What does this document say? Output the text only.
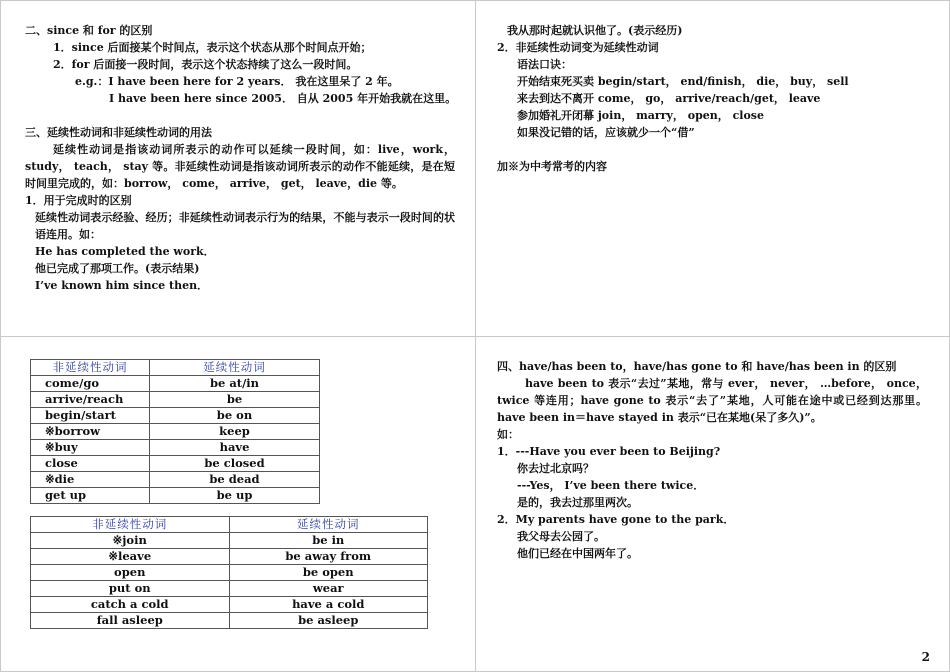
二、since 和 for 的区别
1．since 后面接某个时间点，表示这个状态从那个时间点开始；
2．for 后面接一段时间，表示这个状态持续了这么一段时间。
e.g.：I have been here for 2 years． 我在这里呆了 2 年。
I have been here since 2005． 自从 2005 年开始我就在这里。
三、延续性动词和非延续性动词的用法
延续性动词是指该动词所表示的动作可以延续一段时间，如：live，work， study， teach， stay 等。非延续性动词是指该动词所表示的动作不能延续，是在短时间里完成的，如：borrow， come， arrive， get， leave，die 等。
1．用于完成时的区别
延续性动词表示经验、经历；非延续性动词表示行为的结果，不能与表示一段时间的状语连用。如：
He has completed the work．
他已完成了那项工作。(表示结果)
I’ve known him since then．
我从那时起就认识他了。(表示经历)
2．非延续性动词变为延续性动词
语法口诀：
开始结束死买卖 begin/start， end/finish， die， buy， sell
来去到达不离开 come， go， arrive/reach/get， leave
参加婚礼开闭幕 join， marry， open， close
如果没记错的话，应该就少一个“借”
加※为中考常考的内容
非延续性动词	延续性动词
come/go	be at/in
arrive/reach	be
begin/start	be on
※borrow	keep
※buy	have
close	be closed
※die	be dead
get up	be up
非延续性动词	延续性动词
※join	be in
※leave	be away from
open	be open
put on	wear
catch a cold	have a cold
fall asleep	be asleep
四、have/has been to，have/has gone to 和 have/has been in 的区别
have been to 表示“去过”某地，常与 ever， never， …before， once，twice 等连用；have gone to 表示“去了”某地，人可能在途中或已经到达那里。have been in＝have stayed in 表示“已在某地(呆了多久)”。
如：
1．---Have you ever been to Beijing?
你去过北京吗？
---Yes， I’ve been there twice．
是的，我去过那里两次。
2．My parents have gone to the park．
我父母去公园了。
他们已经在中国两年了。
2
